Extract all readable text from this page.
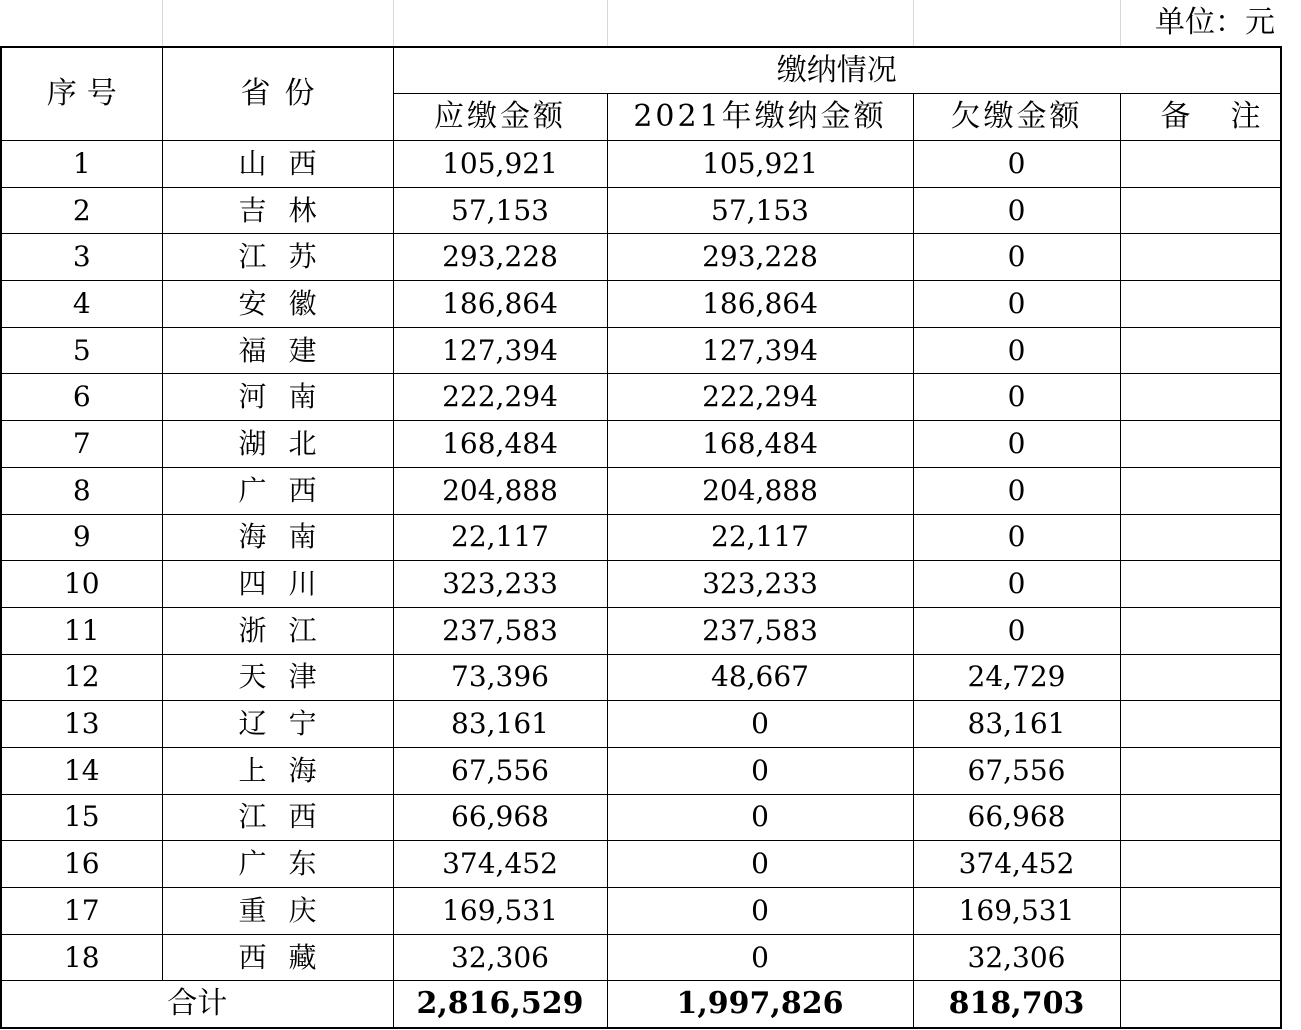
					单位：元
序号	省份	缴纳情况			
		应缴金额	2021年缴纳金额	欠缴金额	备注
1	山西	105,921	105,921	0	
2	吉林	57,153	57,153	0	
3	江苏	293,228	293,228	0	
4	安徽	186,864	186,864	0	
5	福建	127,394	127,394	0	
6	河南	222,294	222,294	0	
7	湖北	168,484	168,484	0	
8	广西	204,888	204,888	0	
9	海南	22,117	22,117	0	
10	四川	323,233	323,233	0	
11	浙江	237,583	237,583	0	
12	天津	73,396	48,667	24,729	
13	辽宁	83,161	0	83,161	
14	上海	67,556	0	67,556	
15	江西	66,968	0	66,968	
16	广东	374,452	0	374,452	
17	重庆	169,531	0	169,531	
18	西藏	32,306	0	32,306	
合计		2,816,529	1,997,826	818,703	
